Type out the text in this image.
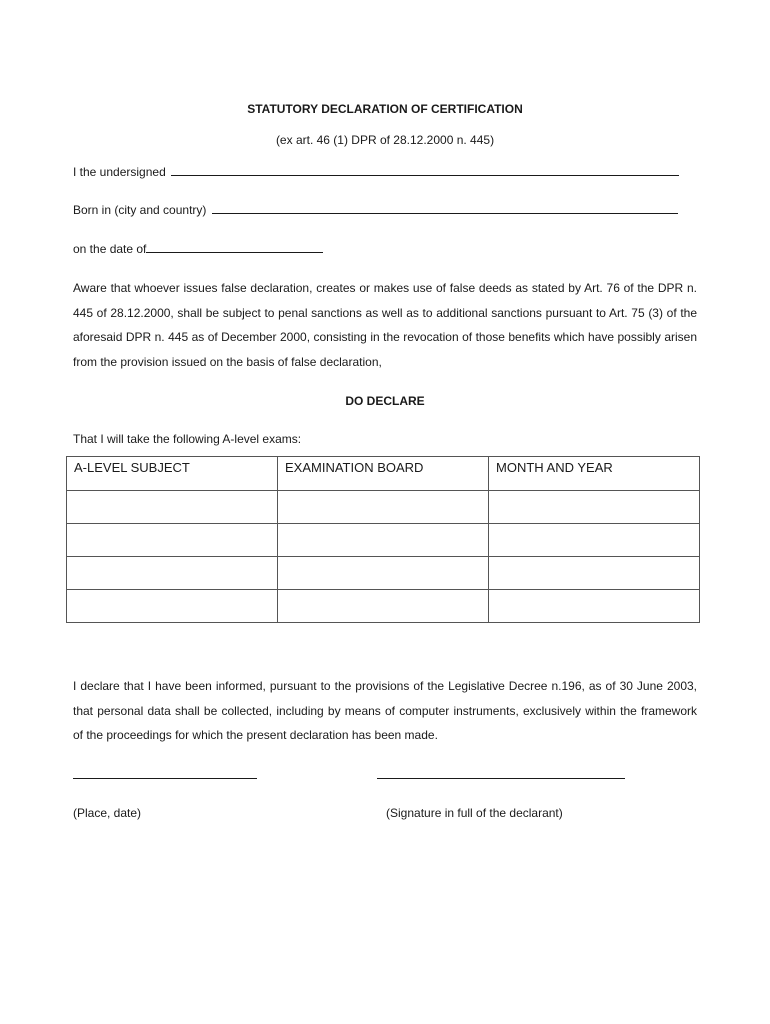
STATUTORY DECLARATION OF CERTIFICATION
(ex art. 46 (1) DPR of 28.12.2000 n. 445)
I the undersigned
Born in (city and country)
on the date of
Aware that whoever issues false declaration, creates or makes use of false deeds as stated by Art. 76 of the DPR n. 445 of 28.12.2000, shall be subject to penal sanctions as well as to additional sanctions pursuant to Art. 75 (3) of the aforesaid DPR n. 445 as of December 2000, consisting in the revocation of those benefits which have possibly arisen from the provision issued on the basis of false declaration,
DO DECLARE
That I will take the following A-level exams:
A-LEVEL SUBJECT	EXAMINATION BOARD	MONTH AND YEAR

I declare that I have been informed, pursuant to the provisions of the Legislative Decree n.196, as of 30 June 2003, that personal data shall be collected, including by means of computer instruments, exclusively within the framework of the proceedings for which the present declaration has been made.
(Place, date)	(Signature in full of the declarant)
